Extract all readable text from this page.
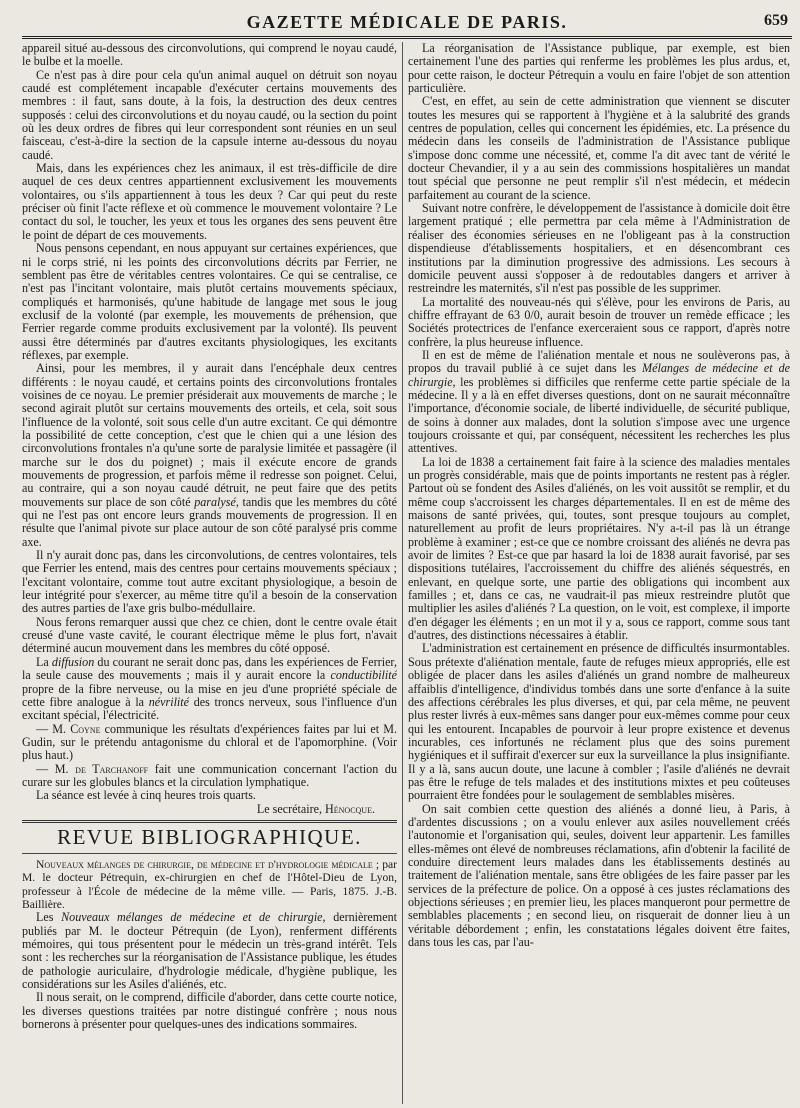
GAZETTE MÉDICALE DE PARIS.	659

appareil situé au-dessous des circonvolutions, qui comprend le noyau caudé, le bulbe et la moelle.

Ce n'est pas à dire pour cela qu'un animal auquel on détruit son noyau caudé est complétement incapable d'exécuter certains mouvements des membres : il faut, sans doute, à la fois, la destruction des deux centres supposés : celui des circonvolutions et du noyau caudé, ou la section du point où les deux ordres de fibres qui leur correspondent sont réunies en un seul faisceau, c'est-à-dire la section de la capsule interne au-dessous du noyau caudé.

Mais, dans les expériences chez les animaux, il est très-difficile de dire auquel de ces deux centres appartiennent exclusivement les mouvements volontaires, ou s'ils appartiennent à tous les deux ? Car qui peut du reste préciser où finit l'acte réflexe et où commence le mouvement volontaire ? Le contact du sol, le toucher, les yeux et tous les organes des sens peuvent être le point de départ de ces mouvements.

Nous pensons cependant, en nous appuyant sur certaines expériences, que ni le corps strié, ni les points des circonvolutions décrits par Ferrier, ne semblent pas être de véritables centres volontaires. Ce qui se centralise, ce n'est pas l'incitant volontaire, mais plutôt certains mouvements spéciaux, compliqués et harmonisés, qu'une habitude de langage met sous le joug exclusif de la volonté (par exemple, les mouvements de préhension, que Ferrier regarde comme produits exclusivement par la volonté). Ils peuvent aussi être déterminés par d'autres excitants physiologiques, les excitants réflexes, par exemple.

Ainsi, pour les membres, il y aurait dans l'encéphale deux centres différents : le noyau caudé, et certains points des circonvolutions frontales voisines de ce noyau. Le premier présiderait aux mouvements de marche ; le second agirait plutôt sur certains mouvements des orteils, et cela, soit sous l'influence de la volonté, soit sous celle d'un autre excitant. Ce qui démontre la possibilité de cette conception, c'est que le chien qui a une lésion des circonvolutions frontales n'a qu'une sorte de paralysie limitée et passagère (il marche sur le dos du poignet) ; mais il exécute encore de grands mouvements de progression, et parfois même il redresse son poignet. Celui, au contraire, qui a son noyau caudé détruit, ne peut faire que des petits mouvements sur place de son côté paralysé, tandis que les membres du côté qui ne l'est pas ont encore leurs grands mouvements de progression. Il en résulte que l'animal pivote sur place autour de son côté paralysé pris comme axe.

Il n'y aurait donc pas, dans les circonvolutions, de centres volontaires, tels que Ferrier les entend, mais des centres pour certains mouvements spéciaux ; l'excitant volontaire, comme tout autre excitant physiologique, a besoin de leur intégrité pour s'exercer, au même titre qu'il a besoin de la conservation des autres parties de l'axe gris bulbo-médullaire.

Nous ferons remarquer aussi que chez ce chien, dont le centre ovale était creusé d'une vaste cavité, le courant électrique même le plus fort, n'avait déterminé aucun mouvement dans les membres du côté opposé.

La diffusion du courant ne serait donc pas, dans les expériences de Ferrier, la seule cause des mouvements ; mais il y aurait encore la conductibilité propre de la fibre nerveuse, ou la mise en jeu d'une propriété spéciale de cette fibre analogue à la névrilité des troncs nerveux, sous l'influence d'un excitant spécial, l'électricité.

— M. Coyne communique les résultats d'expériences faites par lui et M. Gudin, sur le prétendu antagonisme du chloral et de l'apomorphine. (Voir plus haut.)

— M. de Tarchanoff fait une communication concernant l'action du curare sur les globules blancs et la circulation lymphatique.

La séance est levée à cinq heures trois quarts.

Le secrétaire, Hénocque.

REVUE BIBLIOGRAPHIQUE.

Nouveaux mélanges de chirurgie, de médecine et d'hydrologie médicale ; par M. le docteur Pétrequin, ex-chirurgien en chef de l'Hôtel-Dieu de Lyon, professeur à l'École de médecine de la même ville. — Paris, 1875. J.-B. Baillière.

Les Nouveaux mélanges de médecine et de chirurgie, dernièrement publiés par M. le docteur Pétrequin (de Lyon), renferment différents mémoires, qui tous présentent pour le médecin un très-grand intérêt. Tels sont : les recherches sur la réorganisation de l'Assistance publique, les études de pathologie auriculaire, d'hydrologie médicale, d'hygiène publique, les considérations sur les Asiles d'aliénés, etc.

Il nous serait, on le comprend, difficile d'aborder, dans cette courte notice, les diverses questions traitées par notre distingué confrère ; nous nous bornerons à présenter pour quelques-unes des indications sommaires.

La réorganisation de l'Assistance publique, par exemple, est bien certainement l'une des parties qui renferme les problèmes les plus ardus, et, pour cette raison, le docteur Pétrequin a voulu en faire l'objet de son attention particulière.

C'est, en effet, au sein de cette administration que viennent se discuter toutes les mesures qui se rapportent à l'hygiène et à la salubrité des grands centres de population, celles qui concernent les épidémies, etc. La présence du médecin dans les conseils de l'administration de l'Assistance publique s'impose donc comme une nécessité, et, comme l'a dit avec tant de vérité le docteur Chevandier, il y a au sein des commissions hospitalières un mandat tout spécial que personne ne peut remplir s'il n'est médecin, et médecin parfaitement au courant de la science.

Suivant notre confrère, le développement de l'assistance à domicile doit être largement pratiqué ; elle permettra par cela même à l'Administration de réaliser des économies sérieuses en ne l'obligeant pas à la construction dispendieuse d'établissements hospitaliers, et en désencombrant ces institutions par la diminution progressive des admissions. Les secours à domicile peuvent aussi s'opposer à de redoutables dangers et arriver à restreindre les maternités, s'il n'est pas possible de les supprimer.

La mortalité des nouveau-nés qui s'élève, pour les environs de Paris, au chiffre effrayant de 63 0/0, aurait besoin de trouver un remède efficace ; les Sociétés protectrices de l'enfance exerceraient sous ce rapport, d'après notre confrère, la plus heureuse influence.

Il en est de même de l'aliénation mentale et nous ne soulèverons pas, à propos du travail publié à ce sujet dans les Mélanges de médecine et de chirurgie, les problèmes si difficiles que renferme cette partie spéciale de la médecine. Il y a là en effet diverses questions, dont on ne saurait méconnaître l'importance, d'économie sociale, de liberté individuelle, de sécurité publique, de soins à donner aux malades, dont la solution s'impose avec une urgence toujours croissante et qui, par conséquent, nécessitent les recherches les plus attentives.

La loi de 1838 a certainement fait faire à la science des maladies mentales un progrès considérable, mais que de points importants ne restent pas à régler. Partout où se fondent des Asiles d'aliénés, on les voit aussitôt se remplir, et du même coup s'accroissent les charges départementales. Il en est de même des maisons de santé privées, qui, toutes, sont presque toujours au complet, naturellement au profit de leurs propriétaires. N'y a-t-il pas là un étrange problème à examiner ; est-ce que ce nombre croissant des aliénés ne devra pas avoir de limites ? Est-ce que par hasard la loi de 1838 aurait favorisé, par ses dispositions tutélaires, l'accroissement du chiffre des aliénés séquestrés, en enlevant, en quelque sorte, une partie des obligations qui incombent aux familles ; et, dans ce cas, ne vaudrait-il pas mieux restreindre plutôt que multiplier les asiles d'aliénés ? La question, on le voit, est complexe, il importe d'en dégager les éléments ; en un mot il y a, sous ce rapport, comme sous tant d'autres, des distinctions nécessaires à établir.

L'administration est certainement en présence de difficultés insurmontables. Sous prétexte d'aliénation mentale, faute de refuges mieux appropriés, elle est obligée de placer dans les asiles d'aliénés un grand nombre de malheureux affaiblis d'intelligence, d'individus tombés dans une sorte d'enfance à la suite des affections cérébrales les plus diverses, et qui, par cela même, ne peuvent plus rester livrés à eux-mêmes sans danger pour eux-mêmes comme pour ceux qui les entourent. Incapables de pourvoir à leur propre existence et devenus incurables, ces infortunés ne réclament plus que des soins purement hygiéniques et il suffirait d'exercer sur eux la surveillance la plus insignifiante. Il y a là, sans aucun doute, une lacune à combler ; l'asile d'aliénés ne devrait pas être le refuge de tels malades et des institutions mixtes et peu coûteuses pourraient être fondées pour le soulagement de semblables misères.

On sait combien cette question des aliénés a donné lieu, à Paris, à d'ardentes discussions ; on a voulu enlever aux asiles nouvellement créés l'autonomie et l'organisation qui, seules, doivent leur appartenir. Les familles elles-mêmes ont élevé de nombreuses réclamations, afin d'obtenir la facilité de conduire directement leurs malades dans les établissements destinés au traitement de l'aliénation mentale, sans être obligées de les faire passer par les services de la préfecture de police. On a opposé à ces justes réclamations des objections sérieuses ; en premier lieu, les places manqueront pour permettre de semblables placements ; en second lieu, on risquerait de donner lieu à un véritable débordement ; enfin, les constatations légales doivent être faites, dans tous les cas, par l'au-
